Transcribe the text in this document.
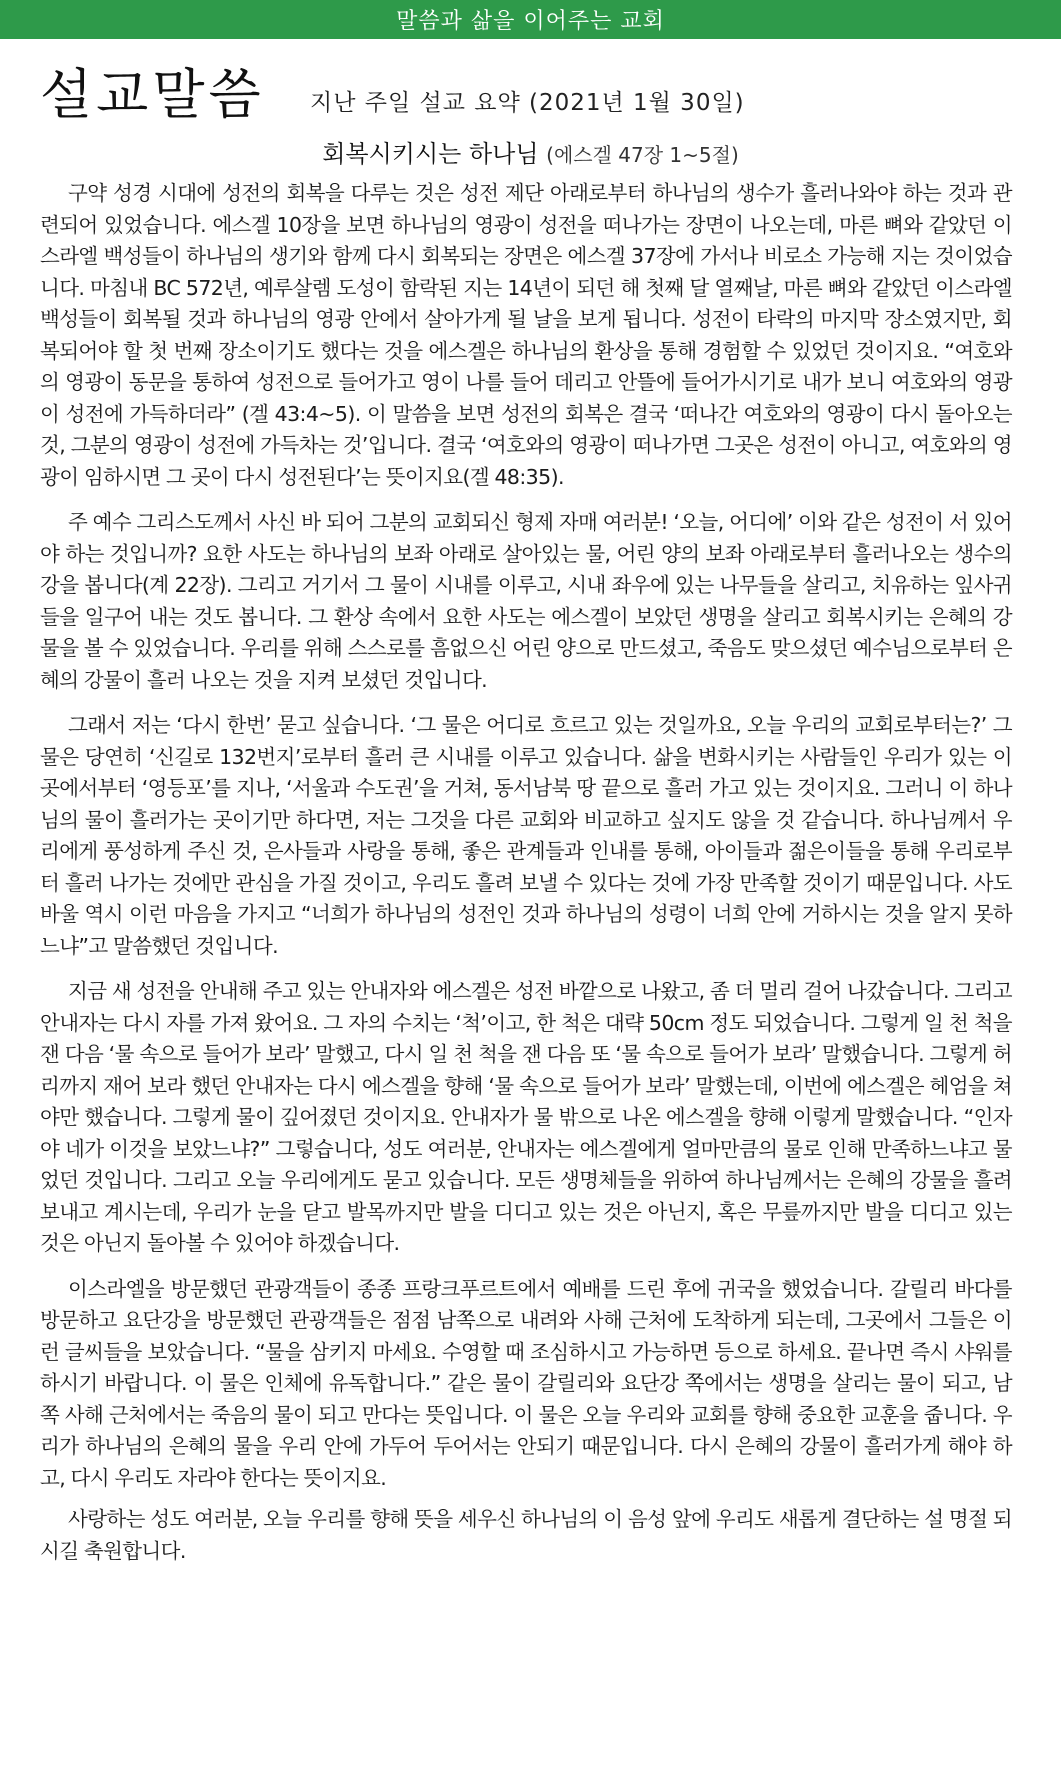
말씀과 삶을 이어주는 교회
설교말씀 지난 주일 설교 요약 (2021년 1월 30일)
회복시키시는 하나님 (에스겔 47장 1~5절)

구약 성경 시대에 성전의 회복을 다루는 것은 성전 제단 아래로부터 하나님의 생수가 흘러나와야 하는 것과 관련되어 있었습니다. 에스겔 10장을 보면 하나님의 영광이 성전을 떠나가는 장면이 나오는데, 마른 뼈와 같았던 이스라엘 백성들이 하나님의 생기와 함께 다시 회복되는 장면은 에스겔 37장에 가서나 비로소 가능해 지는 것이었습니다. 마침내 BC 572년, 예루살렘 도성이 함락된 지는 14년이 되던 해 첫째 달 열째날, 마른 뼈와 같았던 이스라엘 백성들이 회복될 것과 하나님의 영광 안에서 살아가게 될 날을 보게 됩니다. 성전이 타락의 마지막 장소였지만, 회복되어야 할 첫 번째 장소이기도 했다는 것을 에스겔은 하나님의 환상을 통해 경험할 수 있었던 것이지요. “여호와의 영광이 동문을 통하여 성전으로 들어가고 영이 나를 들어 데리고 안뜰에 들어가시기로 내가 보니 여호와의 영광이 성전에 가득하더라” (겔 43:4~5). 이 말씀을 보면 성전의 회복은 결국 ‘떠나간 여호와의 영광이 다시 돌아오는 것, 그분의 영광이 성전에 가득차는 것’입니다. 결국 ‘여호와의 영광이 떠나가면 그곳은 성전이 아니고, 여호와의 영광이 임하시면 그 곳이 다시 성전된다’는 뜻이지요(겔 48:35).

주 예수 그리스도께서 사신 바 되어 그분의 교회되신 형제 자매 여러분! ‘오늘, 어디에’ 이와 같은 성전이 서 있어야 하는 것입니까? 요한 사도는 하나님의 보좌 아래로 살아있는 물, 어린 양의 보좌 아래로부터 흘러나오는 생수의 강을 봅니다(계 22장). 그리고 거기서 그 물이 시내를 이루고, 시내 좌우에 있는 나무들을 살리고, 치유하는 잎사귀들을 일구어 내는 것도 봅니다. 그 환상 속에서 요한 사도는 에스겔이 보았던 생명을 살리고 회복시키는 은혜의 강물을 볼 수 있었습니다. 우리를 위해 스스로를 흠없으신 어린 양으로 만드셨고, 죽음도 맞으셨던 예수님으로부터 은혜의 강물이 흘러 나오는 것을 지켜 보셨던 것입니다.

그래서 저는 ‘다시 한번’ 묻고 싶습니다. ‘그 물은 어디로 흐르고 있는 것일까요, 오늘 우리의 교회로부터는?’ 그 물은 당연히 ‘신길로 132번지’로부터 흘러 큰 시내를 이루고 있습니다. 삶을 변화시키는 사람들인 우리가 있는 이곳에서부터 ‘영등포’를 지나, ‘서울과 수도권’을 거쳐, 동서남북 땅 끝으로 흘러 가고 있는 것이지요. 그러니 이 하나님의 물이 흘러가는 곳이기만 하다면, 저는 그것을 다른 교회와 비교하고 싶지도 않을 것 같습니다. 하나님께서 우리에게 풍성하게 주신 것, 은사들과 사랑을 통해, 좋은 관계들과 인내를 통해, 아이들과 젊은이들을 통해 우리로부터 흘러 나가는 것에만 관심을 가질 것이고, 우리도 흘려 보낼 수 있다는 것에 가장 만족할 것이기 때문입니다. 사도 바울 역시 이런 마음을 가지고 “너희가 하나님의 성전인 것과 하나님의 성령이 너희 안에 거하시는 것을 알지 못하느냐”고 말씀했던 것입니다.

지금 새 성전을 안내해 주고 있는 안내자와 에스겔은 성전 바깥으로 나왔고, 좀 더 멀리 걸어 나갔습니다. 그리고 안내자는 다시 자를 가져 왔어요. 그 자의 수치는 ‘척’이고, 한 척은 대략 50cm 정도 되었습니다. 그렇게 일 천 척을 잰 다음 ‘물 속으로 들어가 보라’ 말했고, 다시 일 천 척을 잰 다음 또 ‘물 속으로 들어가 보라’ 말했습니다. 그렇게 허리까지 재어 보라 했던 안내자는 다시 에스겔을 향해 ‘물 속으로 들어가 보라’ 말했는데, 이번에 에스겔은 헤엄을 쳐야만 했습니다. 그렇게 물이 깊어졌던 것이지요. 안내자가 물 밖으로 나온 에스겔을 향해 이렇게 말했습니다. “인자야 네가 이것을 보았느냐?” 그렇습니다, 성도 여러분, 안내자는 에스겔에게 얼마만큼의 물로 인해 만족하느냐고 물었던 것입니다. 그리고 오늘 우리에게도 묻고 있습니다. 모든 생명체들을 위하여 하나님께서는 은혜의 강물을 흘려 보내고 계시는데, 우리가 눈을 닫고 발목까지만 발을 디디고 있는 것은 아닌지, 혹은 무릎까지만 발을 디디고 있는 것은 아닌지 돌아볼 수 있어야 하겠습니다.

이스라엘을 방문했던 관광객들이 종종 프랑크푸르트에서 예배를 드린 후에 귀국을 했었습니다. 갈릴리 바다를 방문하고 요단강을 방문했던 관광객들은 점점 남쪽으로 내려와 사해 근처에 도착하게 되는데, 그곳에서 그들은 이런 글씨들을 보았습니다. “물을 삼키지 마세요. 수영할 때 조심하시고 가능하면 등으로 하세요. 끝나면 즉시 샤워를 하시기 바랍니다. 이 물은 인체에 유독합니다.” 같은 물이 갈릴리와 요단강 쪽에서는 생명을 살리는 물이 되고, 남쪽 사해 근처에서는 죽음의 물이 되고 만다는 뜻입니다. 이 물은 오늘 우리와 교회를 향해 중요한 교훈을 줍니다. 우리가 하나님의 은혜의 물을 우리 안에 가두어 두어서는 안되기 때문입니다. 다시 은혜의 강물이 흘러가게 해야 하고, 다시 우리도 자라야 한다는 뜻이지요.

사랑하는 성도 여러분, 오늘 우리를 향해 뜻을 세우신 하나님의 이 음성 앞에 우리도 새롭게 결단하는 설 명절 되시길 축원합니다.
